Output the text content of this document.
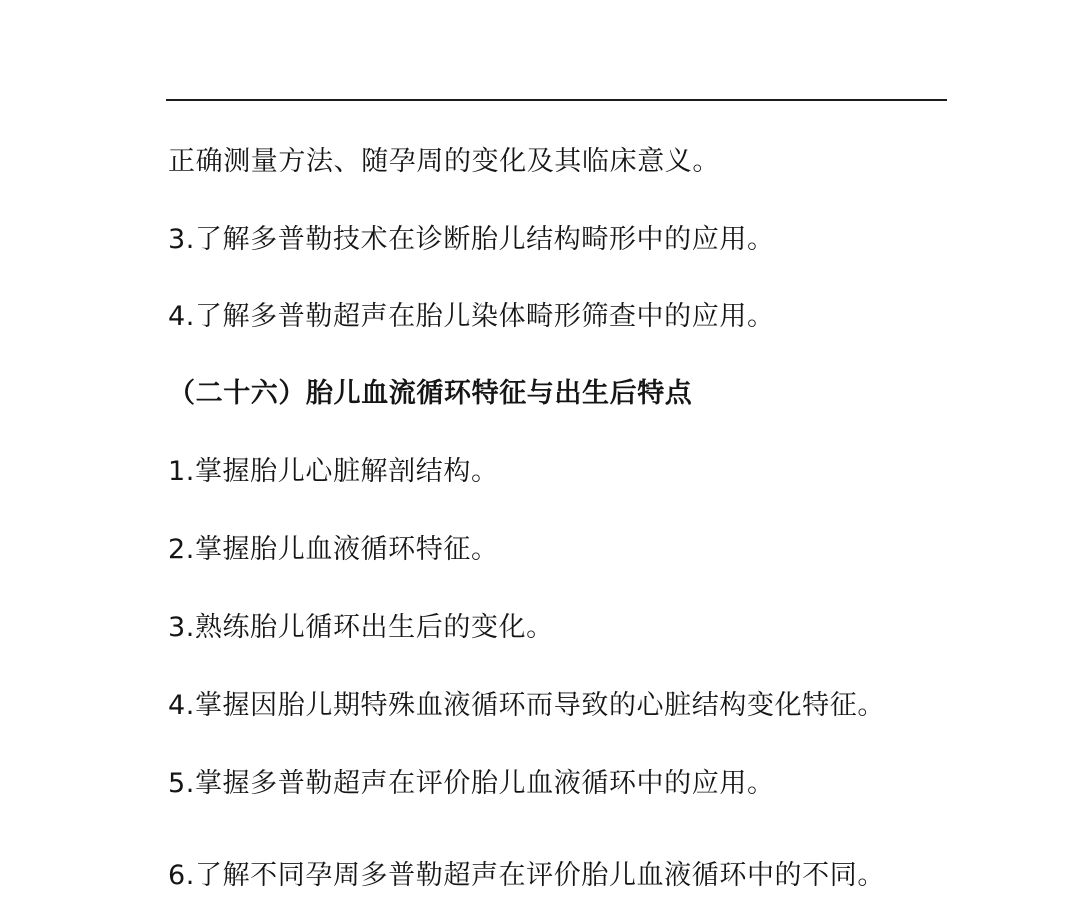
正确测量方法、随孕周的变化及其临床意义。
3.了解多普勒技术在诊断胎儿结构畸形中的应用。
4.了解多普勒超声在胎儿染体畸形筛查中的应用。
（二十六）胎儿血流循环特征与出生后特点
1.掌握胎儿心脏解剖结构。
2.掌握胎儿血液循环特征。
3.熟练胎儿循环出生后的变化。
4.掌握因胎儿期特殊血液循环而导致的心脏结构变化特征。
5.掌握多普勒超声在评价胎儿血液循环中的应用。
6.了解不同孕周多普勒超声在评价胎儿血液循环中的不同。
